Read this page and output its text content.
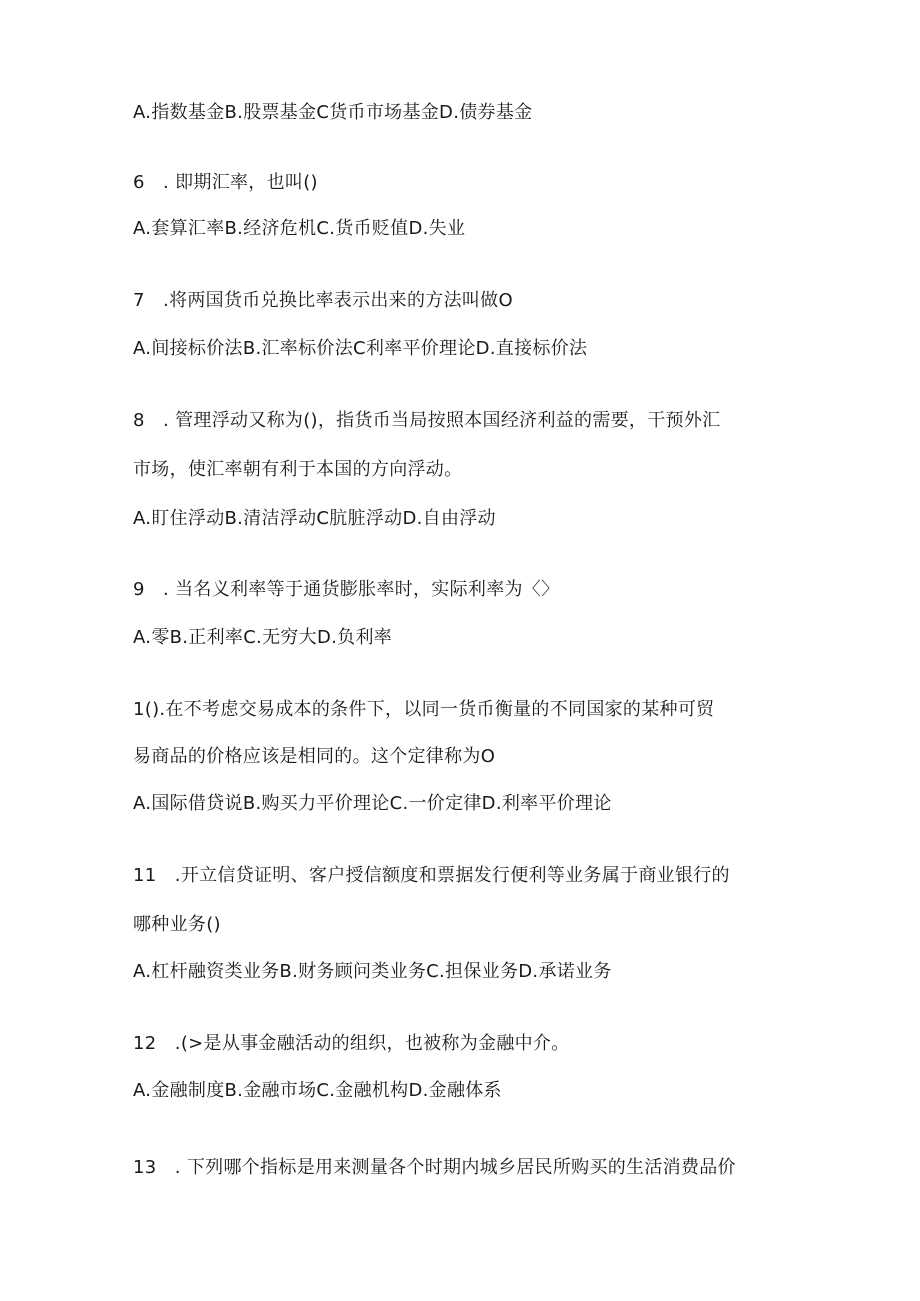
A.指数基金B.股票基金C货币市场基金D.债券基金
6　. 即期汇率，也叫()
A.套算汇率B.经济危机C.货币贬值D.失业
7　.将两国货币兑换比率表示出来的方法叫做O
A.间接标价法B.汇率标价法C利率平价理论D.直接标价法
8　. 管理浮动又称为()，指货币当局按照本国经济利益的需要，干预外汇
市场，使汇率朝有利于本国的方向浮动。
A.盯住浮动B.清洁浮动C肮脏浮动D.自由浮动
9　. 当名义利率等于通货膨胀率时，实际利率为〈〉
A.零B.正利率C.无穷大D.负利率
1().在不考虑交易成本的条件下，以同一货币衡量的不同国家的某种可贸
易商品的价格应该是相同的。这个定律称为O
A.国际借贷说B.购买力平价理论C.一价定律D.利率平价理论
11　.开立信贷证明、客户授信额度和票据发行便利等业务属于商业银行的
哪种业务()
A.杠杆融资类业务B.财务顾问类业务C.担保业务D.承诺业务
12　.(>是从事金融活动的组织，也被称为金融中介。
A.金融制度B.金融市场C.金融机构D.金融体系
13　. 下列哪个指标是用来测量各个时期内城乡居民所购买的生活消费品价
